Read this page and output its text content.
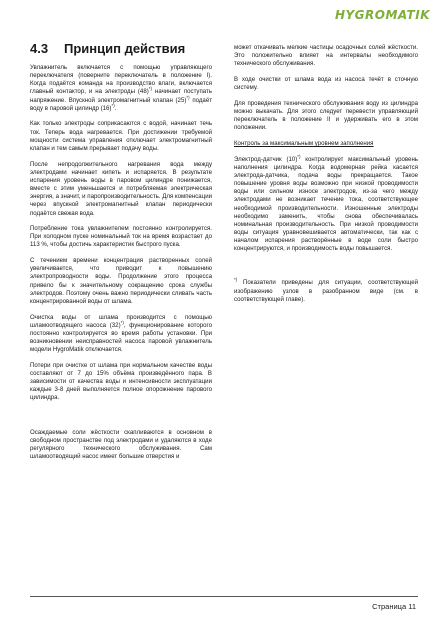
HYGROMATIK
4.3 Принцип действия

Увлажнитель включается с помощью управляющего переключателя (поверните переключатель в положение I). Когда подаётся команда на производство влаги, включается главный контактор, и на электроды (48)*) начинает поступать напряжение. Впускной электромагнитный клапан (25)*) подаёт воду в паровой цилиндр (16)*).

Как только электроды соприкасаются с водой, начинает течь ток. Теперь вода нагревается. При достижении требуемой мощности система управления отключает электромагнитный клапан и тем самым прерывает подачу воды.

После непродолжительного нагревания вода между электродами начинает кипеть и испаряется. В результате испарения уровень воды в паровом цилиндре понижается, вместе с этим уменьшается и потребляемая электрическая энергия, а значит, и паропроизводительность. Для компенсации через впускной электромагнитный клапан периодически подаётся свежая вода.

Потребление тока увлажнителем постоянно контролируется. При холодном пуске номинальный ток на время возрастает до 113 %, чтобы достичь характеристик быстрого пуска.

С течением времени концентрация растворенных солей увеличивается, что приводит к повышению электропроводности воды. Продолжение этого процесса привело бы к значительному сокращению срока службы электродов. Поэтому очень важно периодически сливать часть концентрированной воды от шлама.

Очистка воды от шлама производится с помощью шламоотводящего насоса (32)*), функционирование которого постоянно контролируется во время работы установки. При возникновении неисправностей насоса паровой увлажнитель модели HygroMatik отключается.

Потери при очистке от шлама при нормальном качестве воды составляют от 7 до 15% объёма произведённого пара. В зависимости от качества воды и интенсивности эксплуатации каждые 3-8 дней выполняется полное опорожнение парового цилиндра.

Осаждаемые соли жёсткости скапливаются в основном в свободном пространстве под электродами и удаляются в ходе регулярного технического обслуживания. Сам шламоотводящий насос имеет большие отверстия и

может откачивать мелкие частицы осадочных солей жёсткости. Это положительно влияет на интервалы необходимого технического обслуживания.

В ходе очистки от шлама вода из насоса течёт в сточную систему.

Для проведения технического обслуживания воду из цилиндра можно выкачать. Для этого следует перевести управляющий переключатель в положение II и удерживать его в этом положении.

Контроль за максимальным уровнем заполнения

Электрод-датчик (10)*) контролирует максимальный уровень наполнения цилиндра. Когда водомерная рейка касается электрода-датчика, подача воды прекращается. Такое повышение уровня воды возможно при низкой проводимости воды или сильном износе электродов, из-за чего между электродами не возникает течение тока, соответствующее необходимой производительности. Изношенные электроды необходимо заменить, чтобы снова обеспечивалась номинальная производительность. При низкой проводимости воды ситуация уравновешивается автоматически, так как с началом испарения растворённые в воде соли быстро концентрируются, и производимость воды повышается.

*) Показатели приведены для ситуации, соответствующей изображению узлов в разобранном виде (см. в соответствующей главе).

Страница 11
